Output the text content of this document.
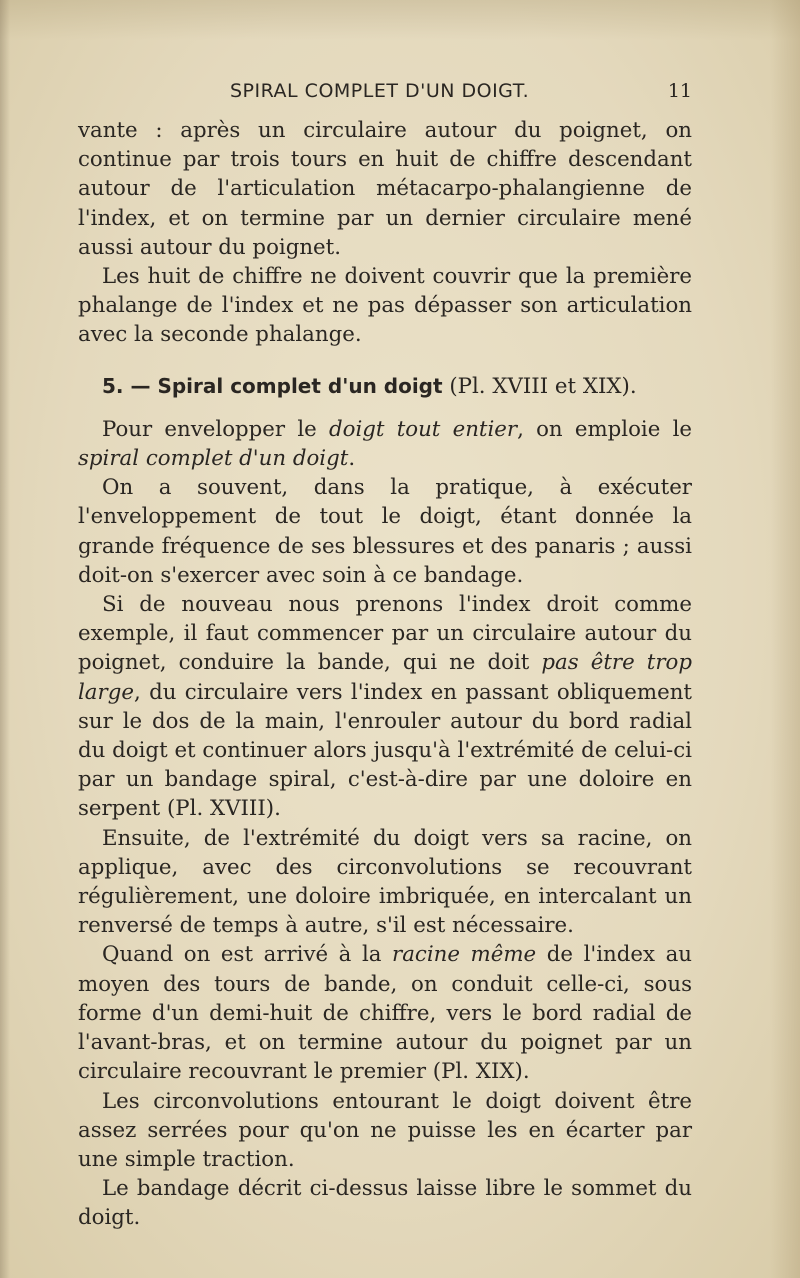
SPIRAL COMPLET D'UN DOIGT.	11

vante : après un circulaire autour du poignet, on continue par trois tours en huit de chiffre descendant autour de l'articulation métacarpo-phalangienne de l'index, et on termine par un dernier circulaire mené aussi autour du poignet.

Les huit de chiffre ne doivent couvrir que la première phalange de l'index et ne pas dépasser son articulation avec la seconde phalange.

5. — Spiral complet d'un doigt (Pl. XVIII et XIX).

Pour envelopper le doigt tout entier, on emploie le spiral complet d'un doigt.

On a souvent, dans la pratique, à exécuter l'enveloppement de tout le doigt, étant donnée la grande fréquence de ses blessures et des panaris ; aussi doit-on s'exercer avec soin à ce bandage.

Si de nouveau nous prenons l'index droit comme exemple, il faut commencer par un circulaire autour du poignet, conduire la bande, qui ne doit pas être trop large, du circulaire vers l'index en passant obliquement sur le dos de la main, l'enrouler autour du bord radial du doigt et continuer alors jusqu'à l'extrémité de celui-ci par un bandage spiral, c'est-à-dire par une doloire en serpent (Pl. XVIII).

Ensuite, de l'extrémité du doigt vers sa racine, on applique, avec des circonvolutions se recouvrant régulièrement, une doloire imbriquée, en intercalant un renversé de temps à autre, s'il est nécessaire.

Quand on est arrivé à la racine même de l'index au moyen des tours de bande, on conduit celle-ci, sous forme d'un demi-huit de chiffre, vers le bord radial de l'avant-bras, et on termine autour du poignet par un circulaire recouvrant le premier (Pl. XIX).

Les circonvolutions entourant le doigt doivent être assez serrées pour qu'on ne puisse les en écarter par une simple traction.

Le bandage décrit ci-dessus laisse libre le sommet du doigt.
